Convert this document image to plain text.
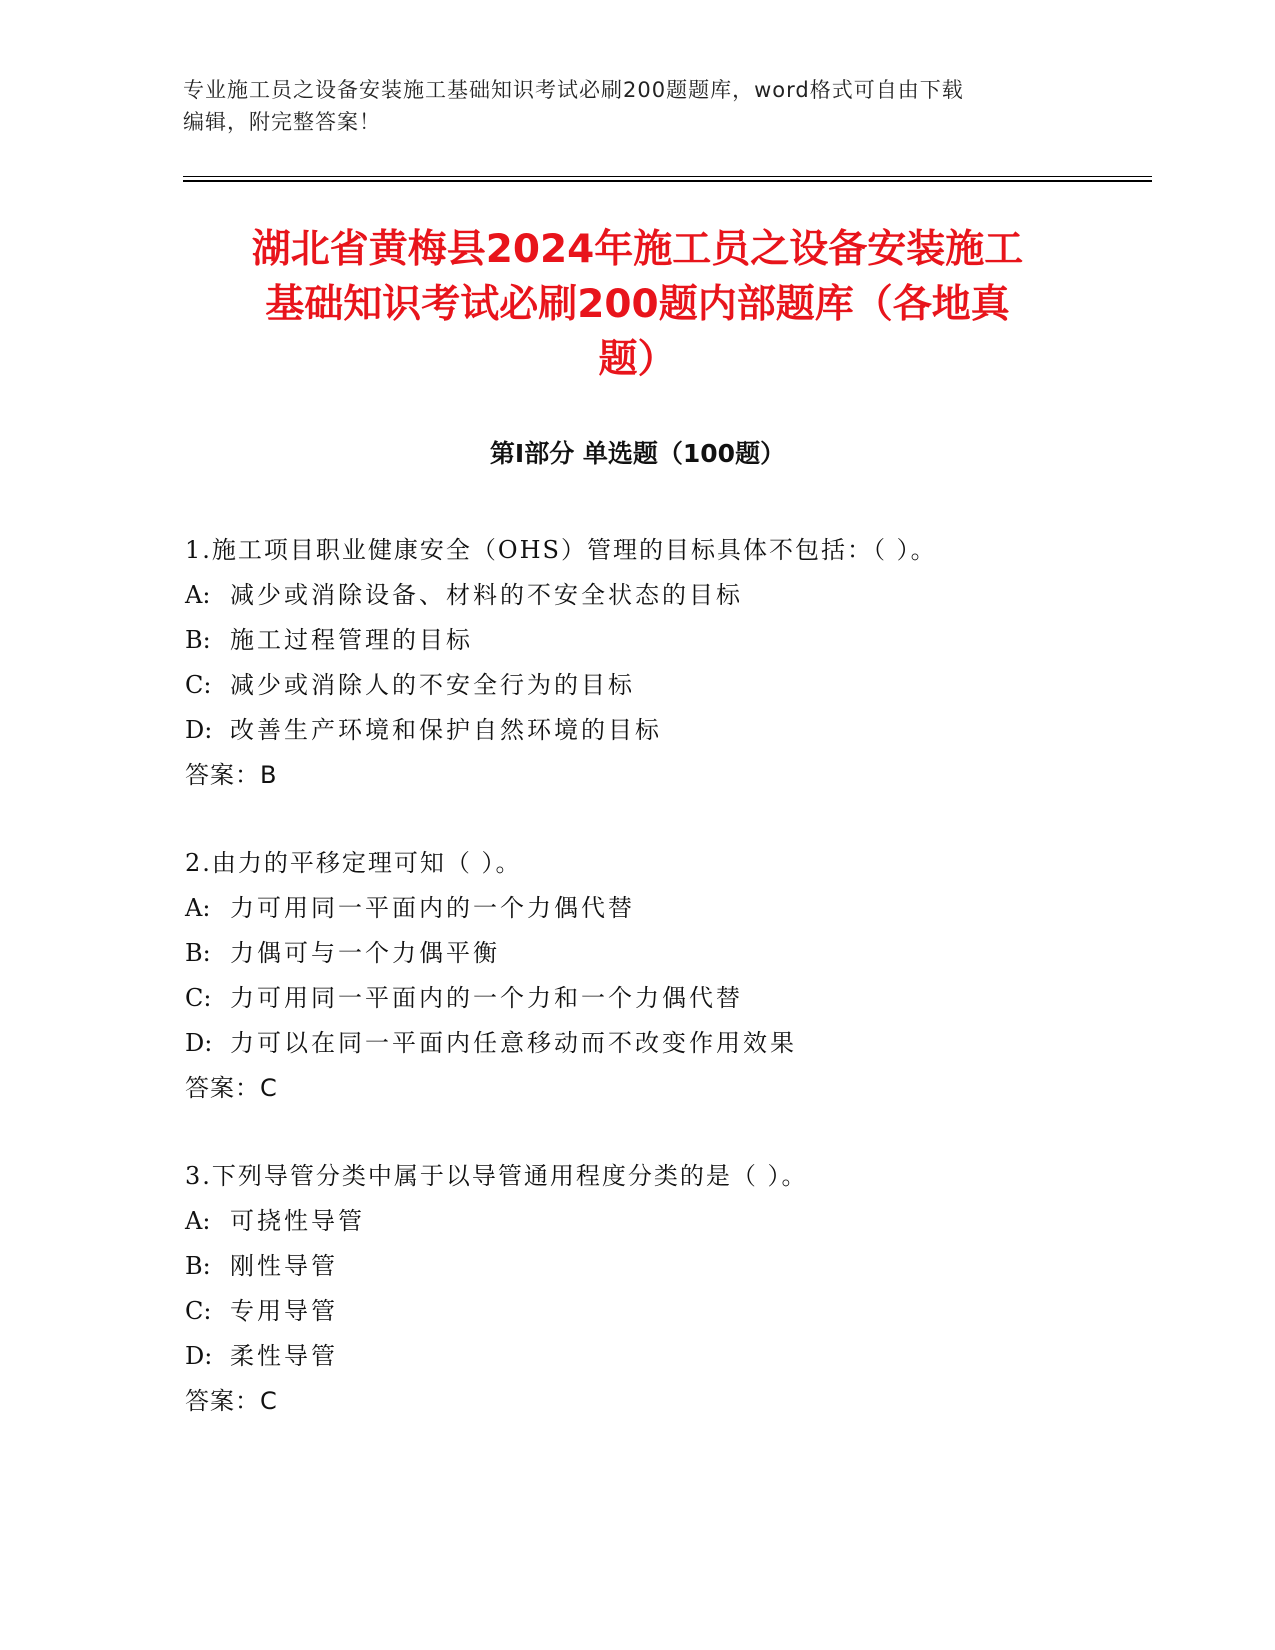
专业施工员之设备安装施工基础知识考试必刷200题题库，word格式可自由下载
编辑，附完整答案！
湖北省黄梅县2024年施工员之设备安装施工
基础知识考试必刷200题内部题库（各地真
题）
第Ⅰ部分 单选题（100题）
1.施工项目职业健康安全（OHS）管理的目标具体不包括：（ ）。
A: 减少或消除设备、材料的不安全状态的目标
B: 施工过程管理的目标
C: 减少或消除人的不安全行为的目标
D: 改善生产环境和保护自然环境的目标
答案：B
2.由力的平移定理可知（ ）。
A: 力可用同一平面内的一个力偶代替
B: 力偶可与一个力偶平衡
C: 力可用同一平面内的一个力和一个力偶代替
D: 力可以在同一平面内任意移动而不改变作用效果
答案：C
3.下列导管分类中属于以导管通用程度分类的是（ ）。
A: 可挠性导管
B: 刚性导管
C: 专用导管
D: 柔性导管
答案：C
